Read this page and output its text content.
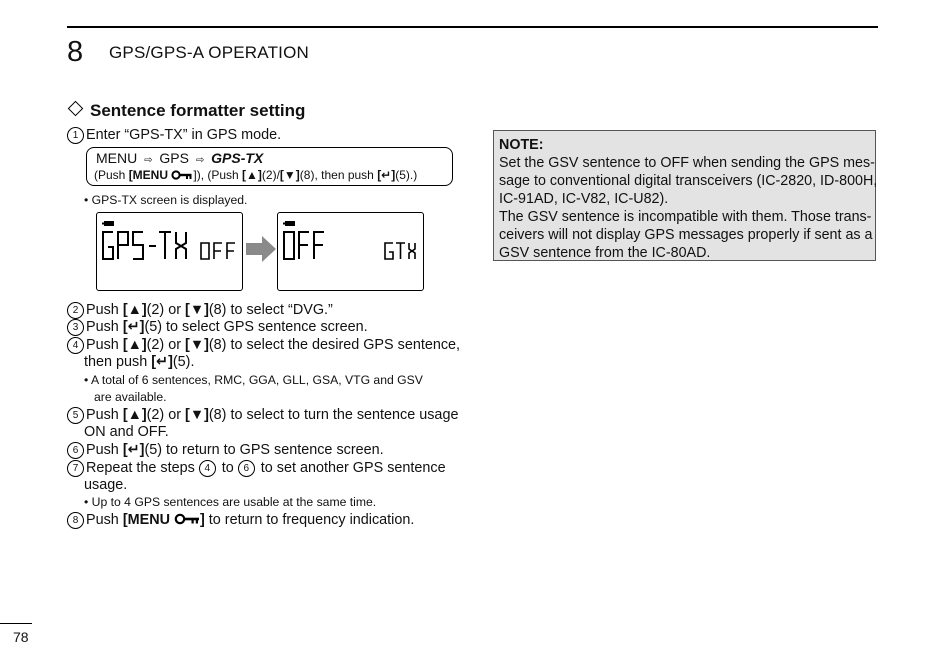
8 GPS/GPS-A OPERATION
Sentence formatter setting
1 Enter “GPS-TX” in GPS mode.
MENU ⇨ GPS ⇨ GPS-TX
(Push [MENU ]), (Push [▲](2)/[▼](8), then push [↵](5).)
• GPS-TX screen is displayed.
2 Push [▲](2) or [▼](8) to select “DVG.”
3 Push [↵](5) to select GPS sentence screen.
4 Push [▲](2) or [▼](8) to select the desired GPS sentence,
then push [↵](5).
• A total of 6 sentences, RMC, GGA, GLL, GSA, VTG and GSV
are available.
5 Push [▲](2) or [▼](8) to select to turn the sentence usage
ON and OFF.
6 Push [↵](5) to return to GPS sentence screen.
7 Repeat the steps 4 to 6 to set another GPS sentence
usage.
• Up to 4 GPS sentences are usable at the same time.
8 Push [MENU ] to return to frequency indication.
NOTE:
Set the GSV sentence to OFF when sending the GPS mes-
sage to conventional digital transceivers (IC-2820, ID-800H,
IC-91AD, IC-V82, IC-U82).
The GSV sentence is incompatible with them. Those trans-
ceivers will not display GPS messages properly if sent as a
GSV sentence from the IC-80AD.
78
